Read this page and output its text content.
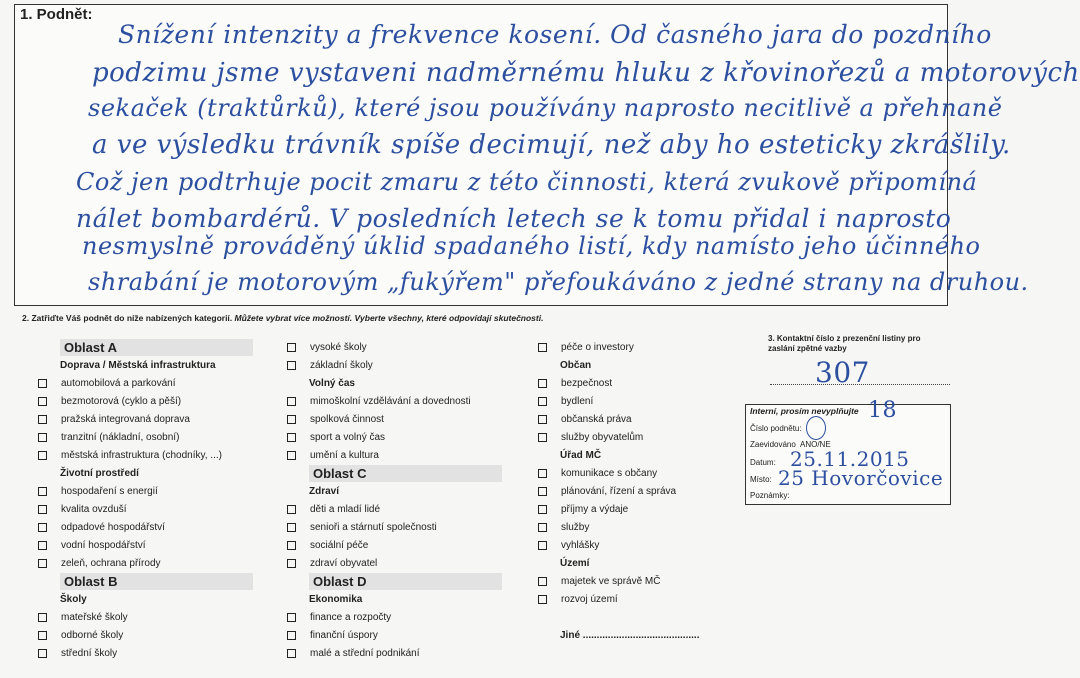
1. Podnět:
Snížení intenzity a frekvence kosení. Od časného jara do pozdního
podzimu jsme vystaveni nadměrnému hluku z křovinořezů a motorových
sekaček (traktůrků), které jsou používány naprosto necitlivě a přehnaně
a ve výsledku trávník spíše decimují, než aby ho esteticky zkrášlily.
Což jen podtrhuje pocit zmaru z této činnosti, která zvukově připomíná
nálet bombardérů. V posledních letech se k tomu přidal i naprosto
nesmyslně prováděný úklid spadaného listí, kdy namísto jeho účinného
shrabání je motorovým „fukýřem" přefoukáváno z jedné strany na druhou.
2. Zatřiďte Váš podnět do níže nabízených kategorií. Můžete vybrat více možností. Vyberte všechny, které odpovídají skutečnosti.
Oblast A
Doprava / Městská infrastruktura
automobilová a parkování
bezmotorová (cyklo a pěší)
pražská integrovaná doprava
tranzitní (nákladní, osobní)
městská infrastruktura (chodníky, ...)
Životní prostředí
hospodaření s energií
kvalita ovzduší
odpadové hospodářství
vodní hospodářství
zeleň, ochrana přírody
Oblast B
Školy
mateřské školy
odborné školy
střední školy
vysoké školy
základní školy
Volný čas
mimoškolní vzdělávání a dovednosti
spolková činnost
sport a volný čas
umění a kultura
Oblast C
Zdraví
děti a mladí lidé
senioři a stárnutí společnosti
sociální péče
zdraví obyvatel
Oblast D
Ekonomika
finance a rozpočty
finanční úspory
malé a střední podnikání
péče o investory
Občan
bezpečnost
bydlení
občanská práva
služby obyvatelům
Úřad MČ
komunikace s občany
plánování, řízení a správa
příjmy a výdaje
služby
vyhlášky
Území
majetek ve správě MČ
rozvoj území
Jiné ..........................................
3. Kontaktní číslo z prezenční listiny pro zaslání zpětné vazby
307
Interní, prosím nevyplňujte 18
Číslo podnětu:
Zaevidováno ANO/NE
Datum: 25.11.2015
Místo: 25 Hovorčovice
Poznámky:
